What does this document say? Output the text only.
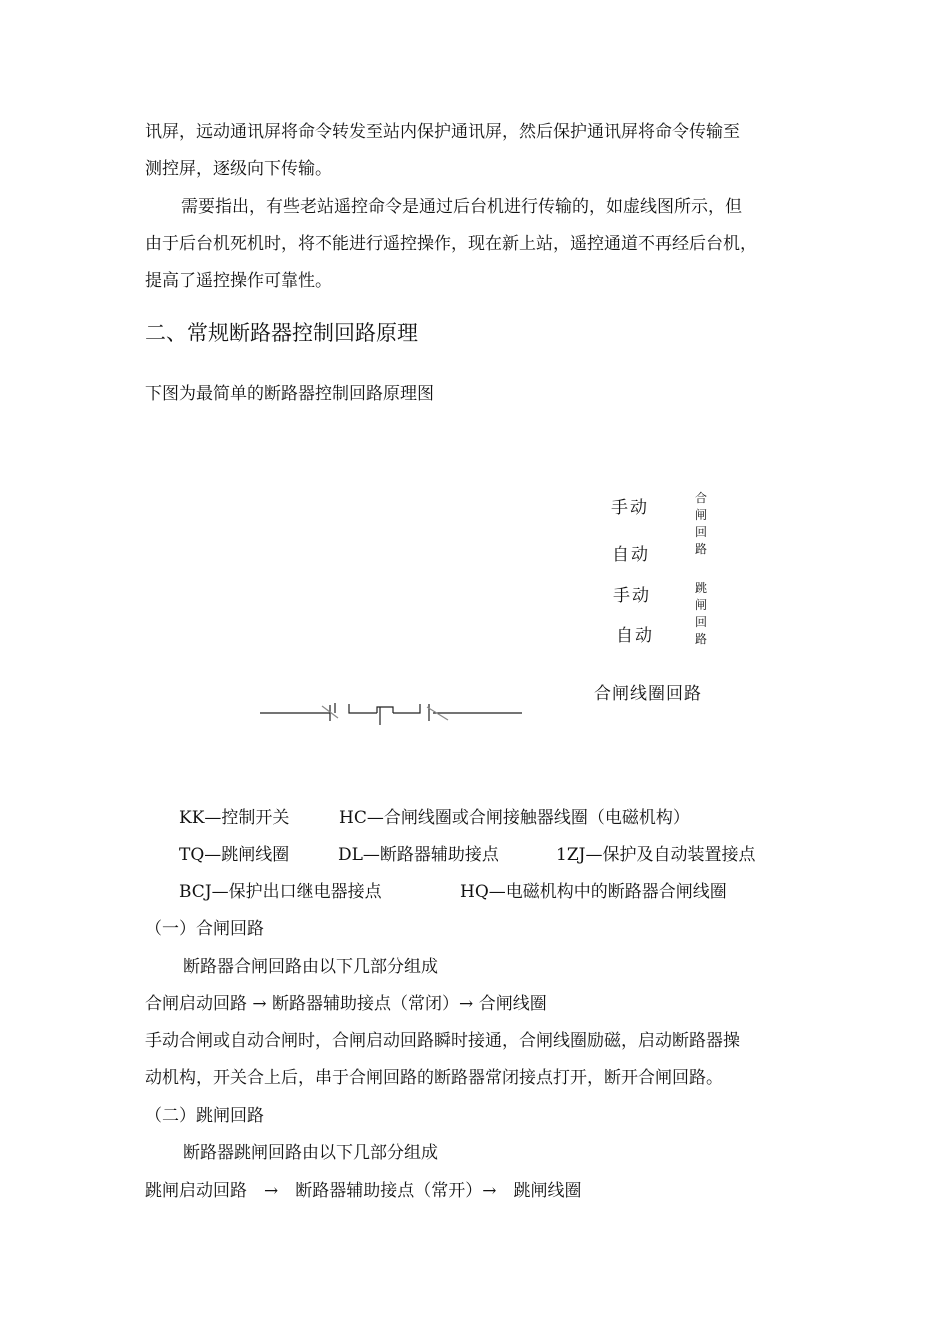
讯屏，远动通讯屏将命令转发至站内保护通讯屏，然后保护通讯屏将命令传输至
测控屏，逐级向下传输。
需要指出，有些老站遥控命令是通过后台机进行传输的，如虚线图所示，但
由于后台机死机时，将不能进行遥控操作，现在新上站，遥控通道不再经后台机，
提高了遥控操作可靠性。
二、常规断路器控制回路原理
下图为最简单的断路器控制回路原理图
手动
自动
手动
自动
合
闸
回
路
跳
闸
回
路
合闸线圈回路
KK—控制开关	HC—合闸线圈或合闸接触器线圈（电磁机构）
TQ—跳闸线圈	DL—断路器辅助接点	1ZJ—保护及自动装置接点
BCJ—保护出口继电器接点	HQ—电磁机构中的断路器合闸线圈
（一）合闸回路
断路器合闸回路由以下几部分组成
合闸启动回路 → 断路器辅助接点（常闭）→ 合闸线圈
手动合闸或自动合闸时，合闸启动回路瞬时接通，合闸线圈励磁，启动断路器操
动机构，开关合上后，串于合闸回路的断路器常闭接点打开，断开合闸回路。
（二）跳闸回路
断路器跳闸回路由以下几部分组成
跳闸启动回路　→　断路器辅助接点（常开）→　跳闸线圈
